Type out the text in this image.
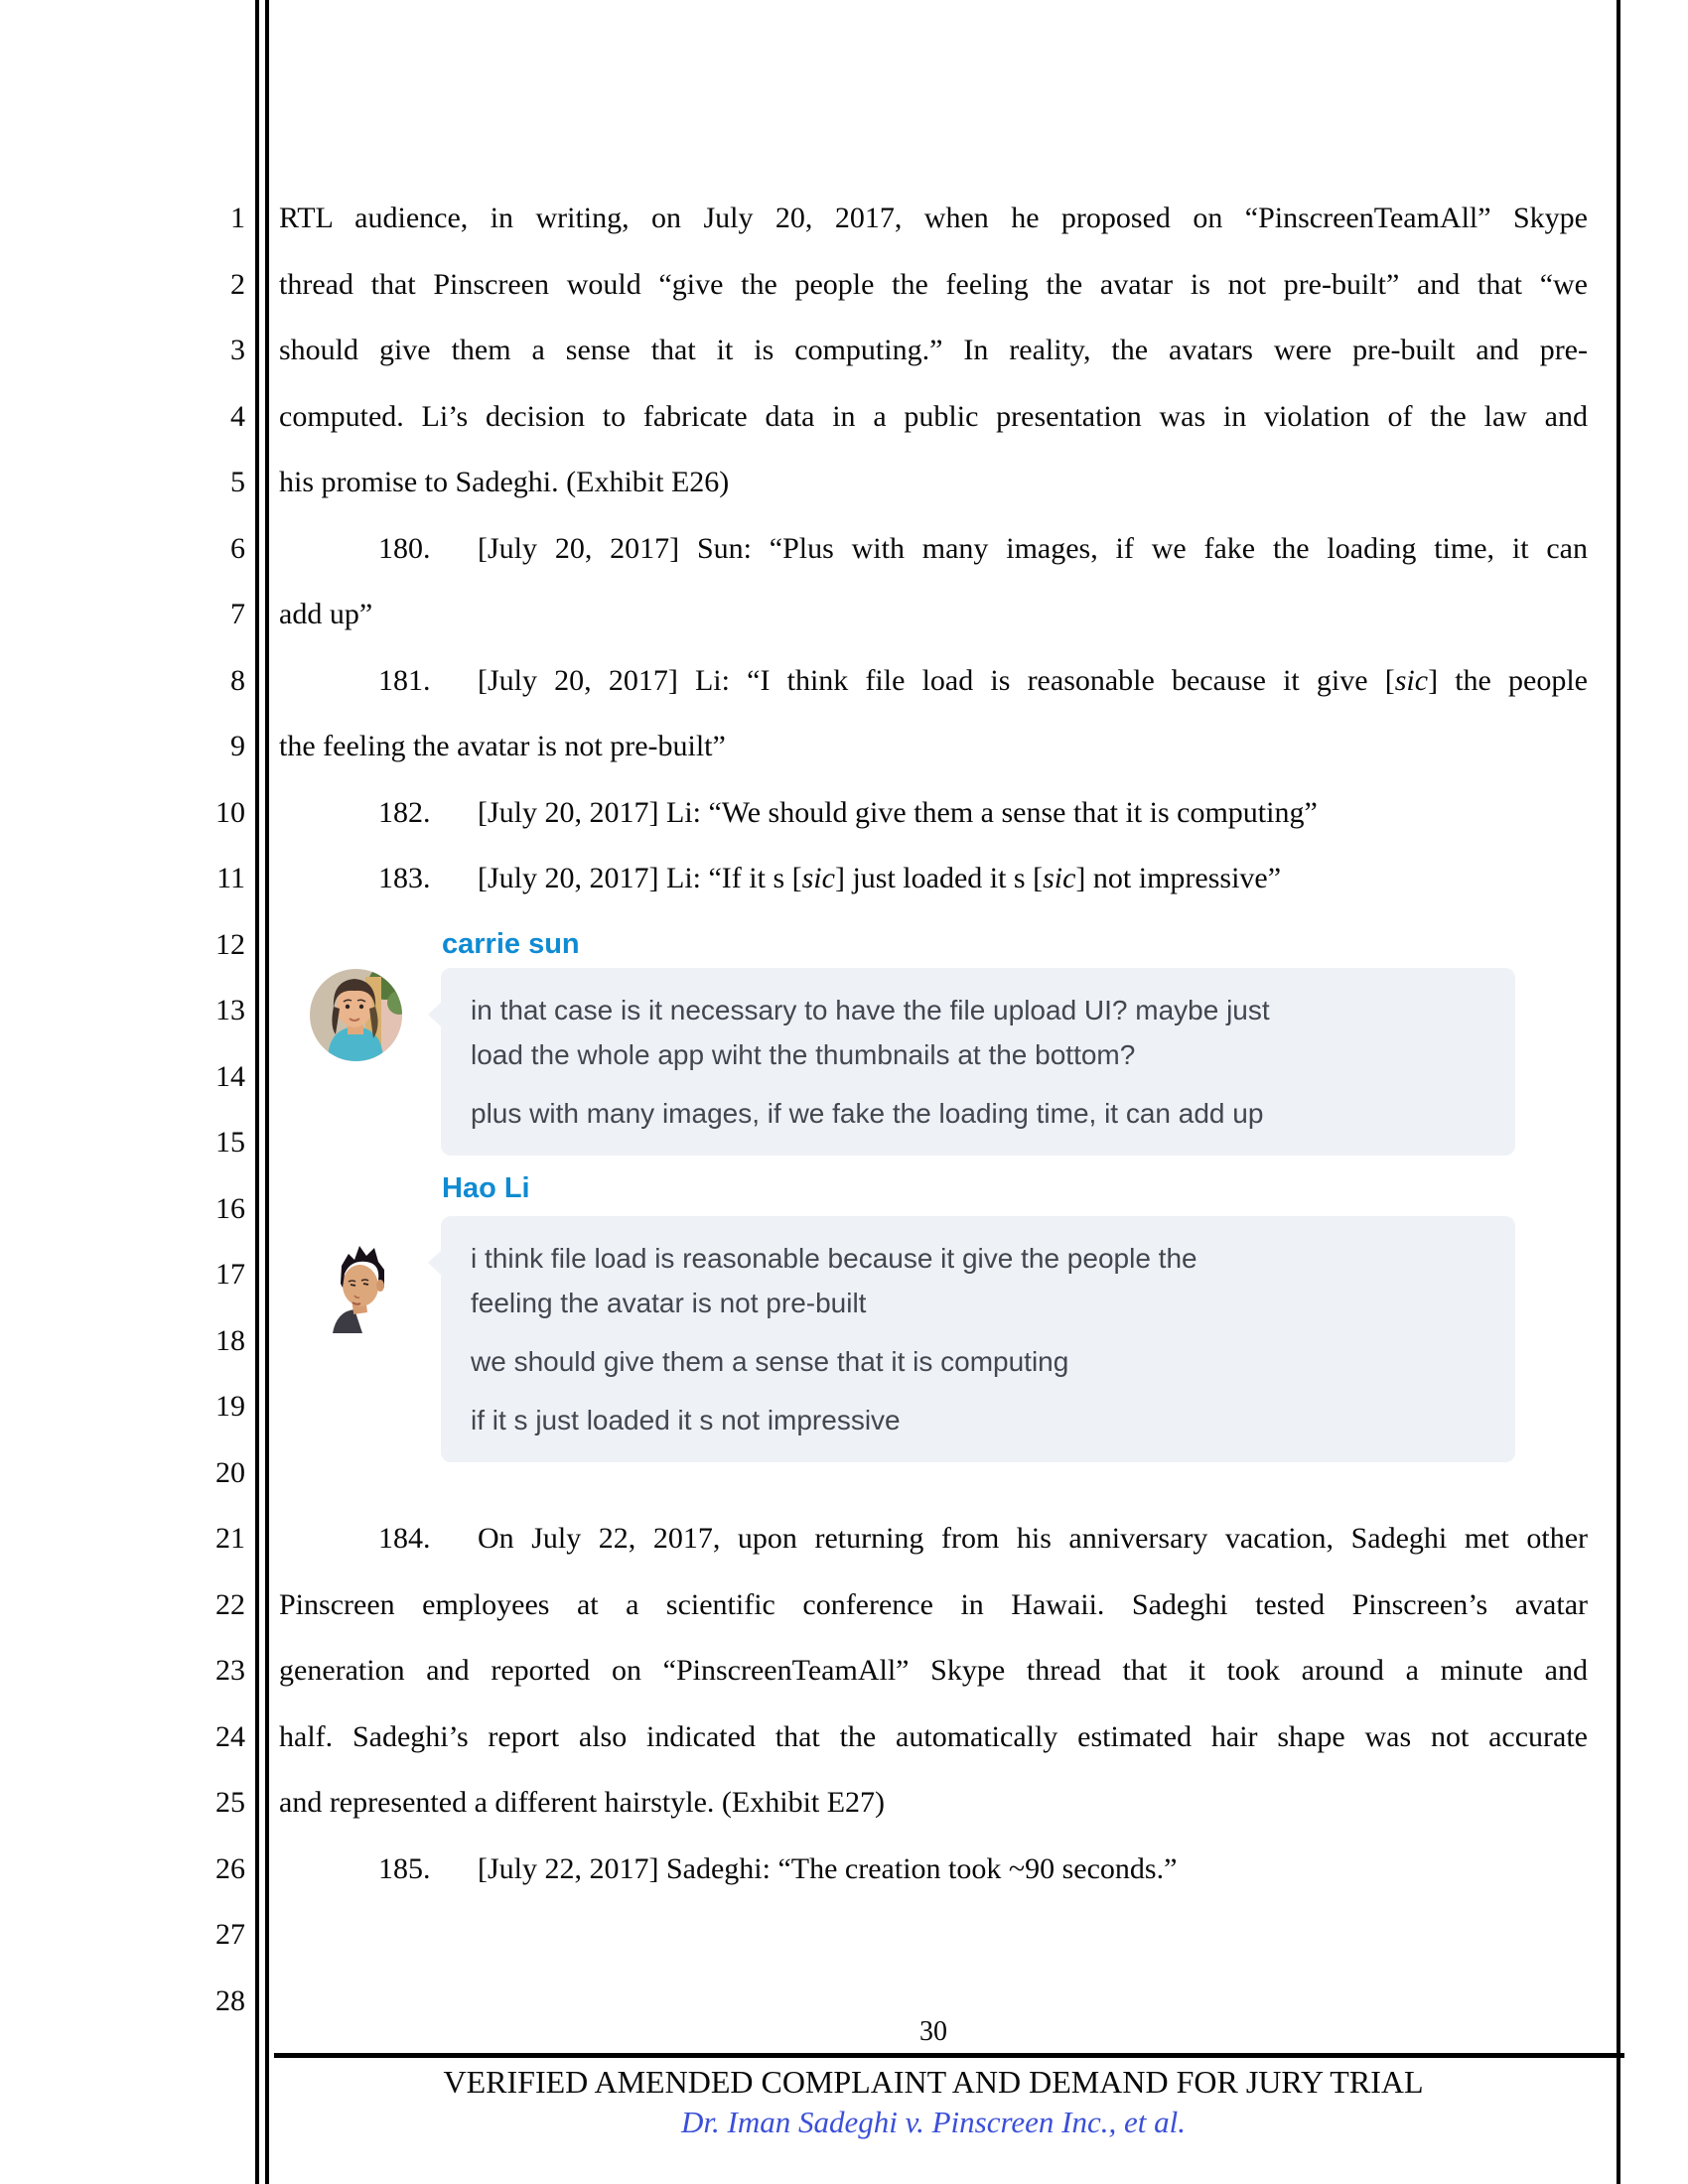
1
2
3
4
5
6
7
8
9
10
11
12
13
14
15
16
17
18
19
20
21
22
23
24
25
26
27
28
RTL audience, in writing, on July 20, 2017, when he proposed on “PinscreenTeamAll” Skype
thread that Pinscreen would “give the people the feeling the avatar is not pre-built” and that “we
should give them a sense that it is computing.” In reality, the avatars were pre-built and pre-
computed. Li’s decision to fabricate data in a public presentation was in violation of the law and
his promise to Sadeghi. (Exhibit E26)
180. [July 20, 2017] Sun: “Plus with many images, if we fake the loading time, it can
add up”
181. [July 20, 2017] Li: “I think file load is reasonable because it give [sic] the people
the feeling the avatar is not pre-built”
182. [July 20, 2017] Li: “We should give them a sense that it is computing”
183. [July 20, 2017] Li: “If it s [sic] just loaded it s [sic] not impressive”
carrie sun
in that case is it necessary to have the file upload UI? maybe just
load the whole app wiht the thumbnails at the bottom?
plus with many images, if we fake the loading time, it can add up
Hao Li
i think file load is reasonable because it give the people the
feeling the avatar is not pre-built
we should give them a sense that it is computing
if it s just loaded it s not impressive
184. On July 22, 2017, upon returning from his anniversary vacation, Sadeghi met other
Pinscreen employees at a scientific conference in Hawaii. Sadeghi tested Pinscreen’s avatar
generation and reported on “PinscreenTeamAll” Skype thread that it took around a minute and
half. Sadeghi’s report also indicated that the automatically estimated hair shape was not accurate
and represented a different hairstyle. (Exhibit E27)
185. [July 22, 2017] Sadeghi: “The creation took ~90 seconds.”
30
VERIFIED AMENDED COMPLAINT AND DEMAND FOR JURY TRIAL
Dr. Iman Sadeghi v. Pinscreen Inc., et al.
